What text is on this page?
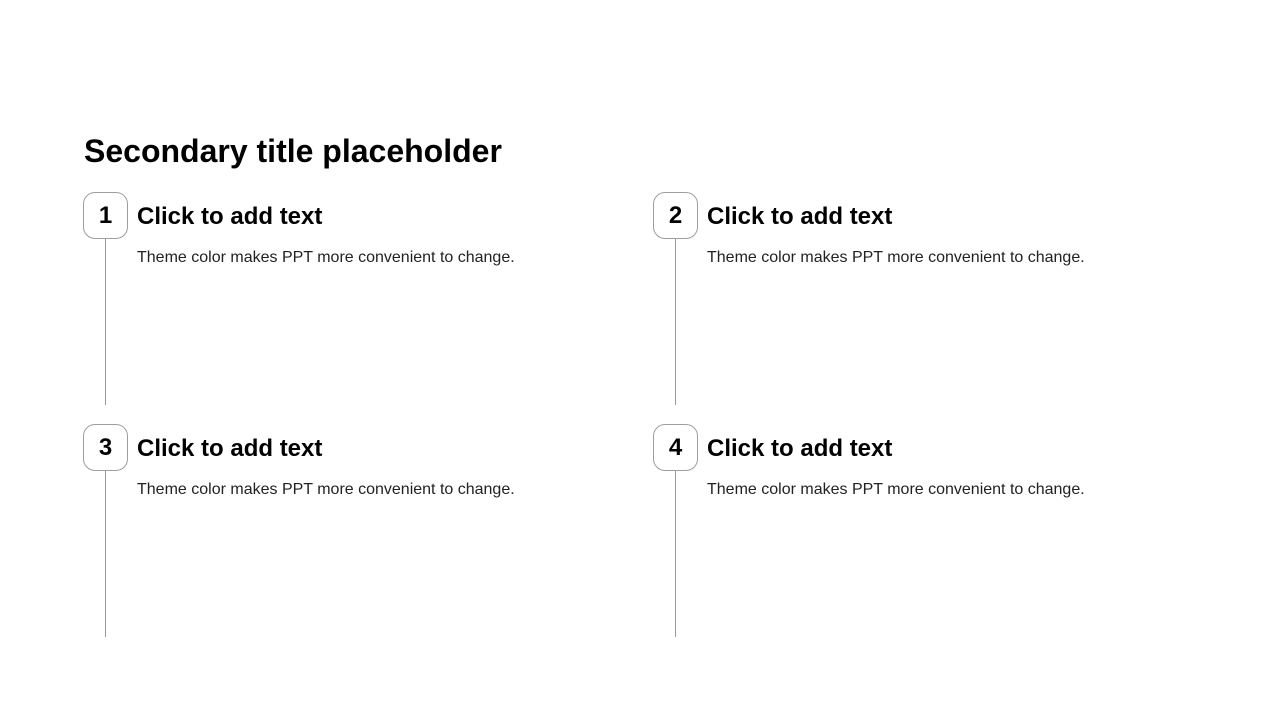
Secondary title placeholder
1	Click to add text

Theme color makes PPT more convenient to change.

2	Click to add text

Theme color makes PPT more convenient to change.

3	Click to add text

Theme color makes PPT more convenient to change.

4	Click to add text

Theme color makes PPT more convenient to change.
